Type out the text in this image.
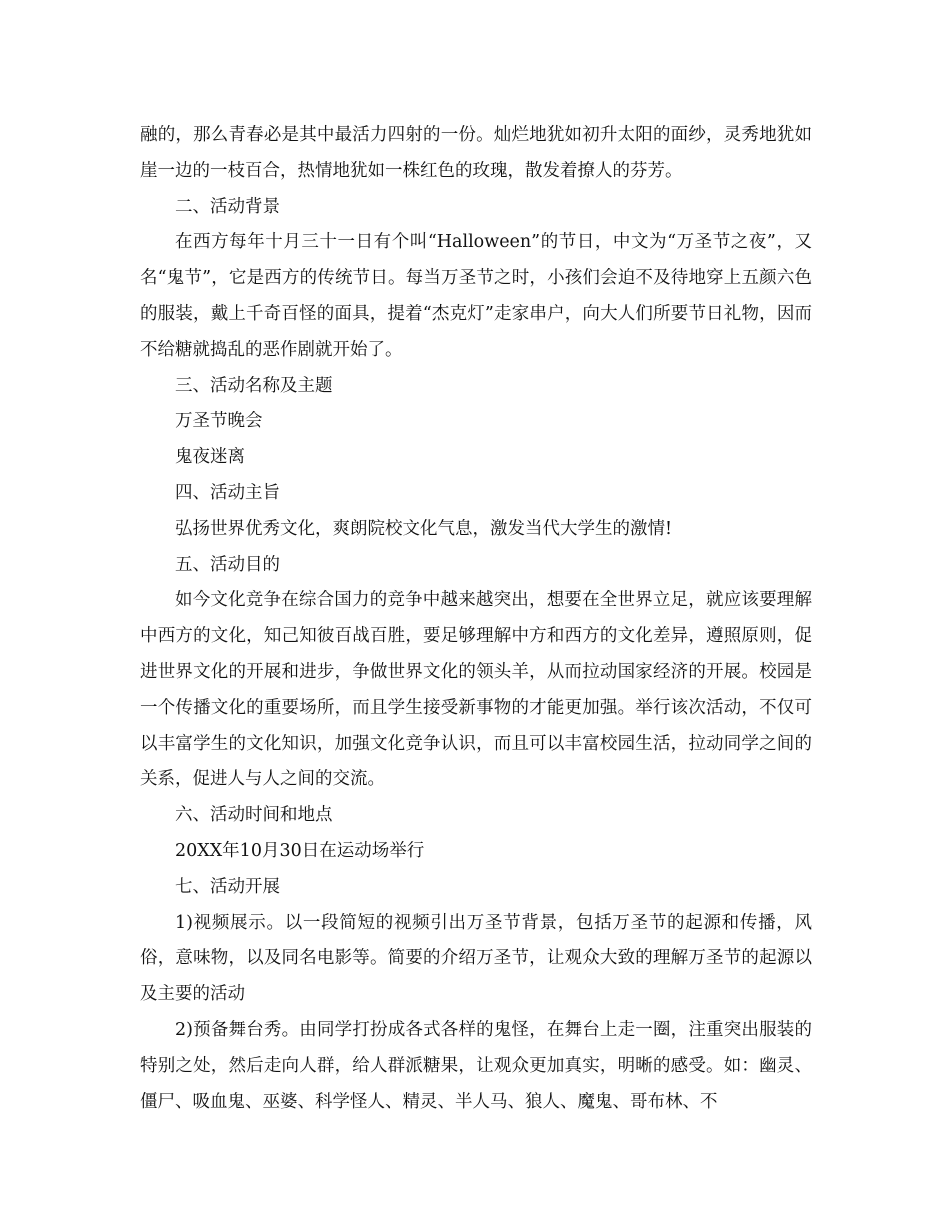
融的，那么青春必是其中最活力四射的一份。灿烂地犹如初升太阳的面纱，灵秀地犹如崖一边的一枝百合，热情地犹如一株红色的玫瑰，散发着撩人的芬芳。

二、活动背景

在西方每年十月三十一日有个叫“Halloween”的节日，中文为“万圣节之夜”，又名“鬼节”，它是西方的传统节日。每当万圣节之时，小孩们会迫不及待地穿上五颜六色的服装，戴上千奇百怪的面具，提着“杰克灯”走家串户，向大人们所要节日礼物，因而不给糖就捣乱的恶作剧就开始了。

三、活动名称及主题

万圣节晚会

鬼夜迷离

四、活动主旨

弘扬世界优秀文化，爽朗院校文化气息，激发当代大学生的激情!

五、活动目的

如今文化竞争在综合国力的竞争中越来越突出，想要在全世界立足，就应该要理解中西方的文化，知己知彼百战百胜，要足够理解中方和西方的文化差异，遵照原则，促进世界文化的开展和进步，争做世界文化的领头羊，从而拉动国家经济的开展。校园是一个传播文化的重要场所，而且学生接受新事物的才能更加强。举行该次活动，不仅可以丰富学生的文化知识，加强文化竞争认识，而且可以丰富校园生活，拉动同学之间的关系，促进人与人之间的交流。

六、活动时间和地点

20XX年10月30日在运动场举行

七、活动开展

1)视频展示。以一段简短的视频引出万圣节背景，包括万圣节的起源和传播，风俗，意味物，以及同名电影等。简要的介绍万圣节，让观众大致的理解万圣节的起源以及主要的活动

2)预备舞台秀。由同学打扮成各式各样的鬼怪，在舞台上走一圈，注重突出服装的特别之处，然后走向人群，给人群派糖果，让观众更加真实，明晰的感受。如：幽灵、僵尸、吸血鬼、巫婆、科学怪人、精灵、半人马、狼人、魔鬼、哥布林、不
